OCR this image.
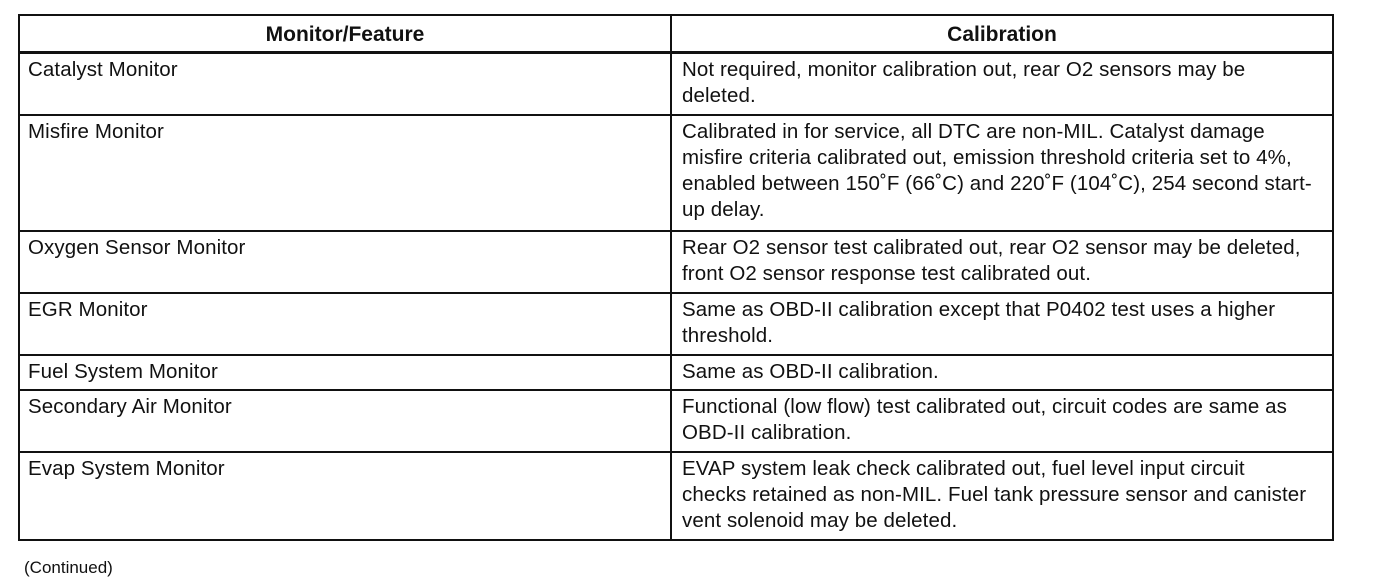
Monitor/Feature	Calibration
Catalyst Monitor	Not required, monitor calibration out, rear O2 sensors may be deleted.
Misfire Monitor	Calibrated in for service, all DTC are non-MIL. Catalyst damage misfire criteria calibrated out, emission threshold criteria set to 4%, enabled between 150˚F (66˚C) and 220˚F (104˚C), 254 second start-up delay.
Oxygen Sensor Monitor	Rear O2 sensor test calibrated out, rear O2 sensor may be deleted, front O2 sensor response test calibrated out.
EGR Monitor	Same as OBD-II calibration except that P0402 test uses a higher threshold.
Fuel System Monitor	Same as OBD-II calibration.
Secondary Air Monitor	Functional (low flow) test calibrated out, circuit codes are same as OBD-II calibration.
Evap System Monitor	EVAP system leak check calibrated out, fuel level input circuit checks retained as non-MIL. Fuel tank pressure sensor and canister vent solenoid may be deleted.
(Continued)
